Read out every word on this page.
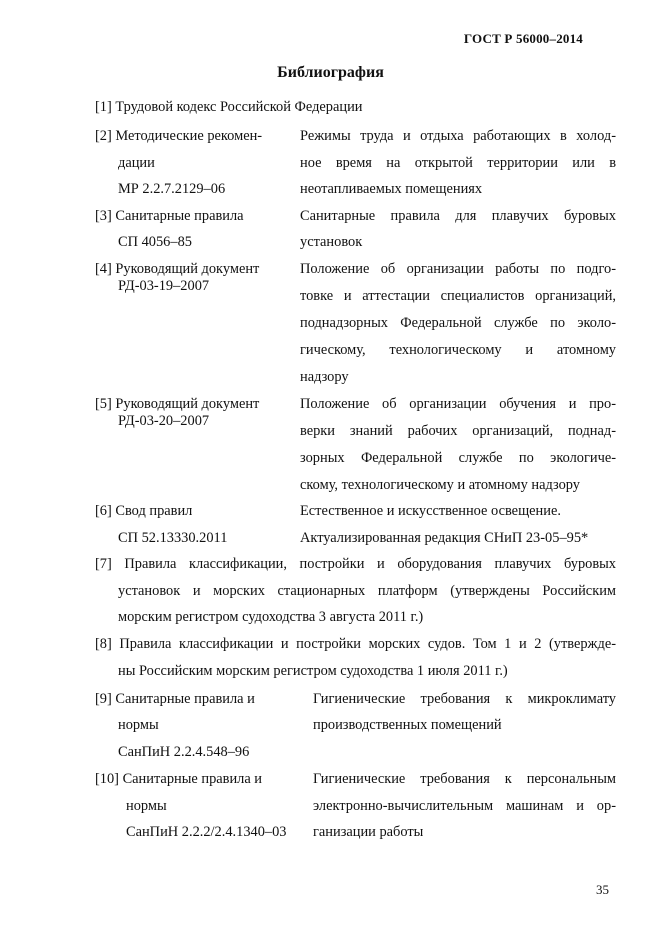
ГОСТ Р 56000–2014
Библиография
[1] Трудовой кодекс Российской Федерации
[2] Методические рекомен-
дации
МР 2.2.7.2129–06
Режимы труда и отдыха работающих в холод-
ное время на открытой территории или в
неотапливаемых помещениях
[3] Санитарные правила
СП 4056–85
Санитарные правила для плавучих буровых
установок
[4] Руководящий документ
РД-03-19–2007
Положение об организации работы по подго-
товке и аттестации специалистов организаций,
поднадзорных Федеральной службе по эколо-
гическому, технологическому и атомному
надзору
[5] Руководящий документ
РД-03-20–2007
Положение об организации обучения и про-
верки знаний рабочих организаций, поднад-
зорных Федеральной службе по экологиче-
скому, технологическому и атомному надзору
[6] Свод правил
СП 52.13330.2011
Естественное и искусственное освещение.
Актуализированная редакция СНиП 23-05–95*
[7] Правила классификации, постройки и оборудования плавучих буровых
установок и морских стационарных платформ (утверждены Российским
морским регистром судоходства 3 августа 2011 г.)
[8] Правила классификации и постройки морских судов. Том 1 и 2 (утвержде-
ны Российским морским регистром судоходства 1 июля 2011 г.)
[9] Санитарные правила и
нормы
СанПиН 2.2.4.548–96
Гигиенические требования к микроклимату
производственных помещений
[10] Санитарные правила и
нормы
СанПиН 2.2.2/2.4.1340–03
Гигиенические требования к персональным
электронно-вычислительным машинам и ор-
ганизации работы
35
